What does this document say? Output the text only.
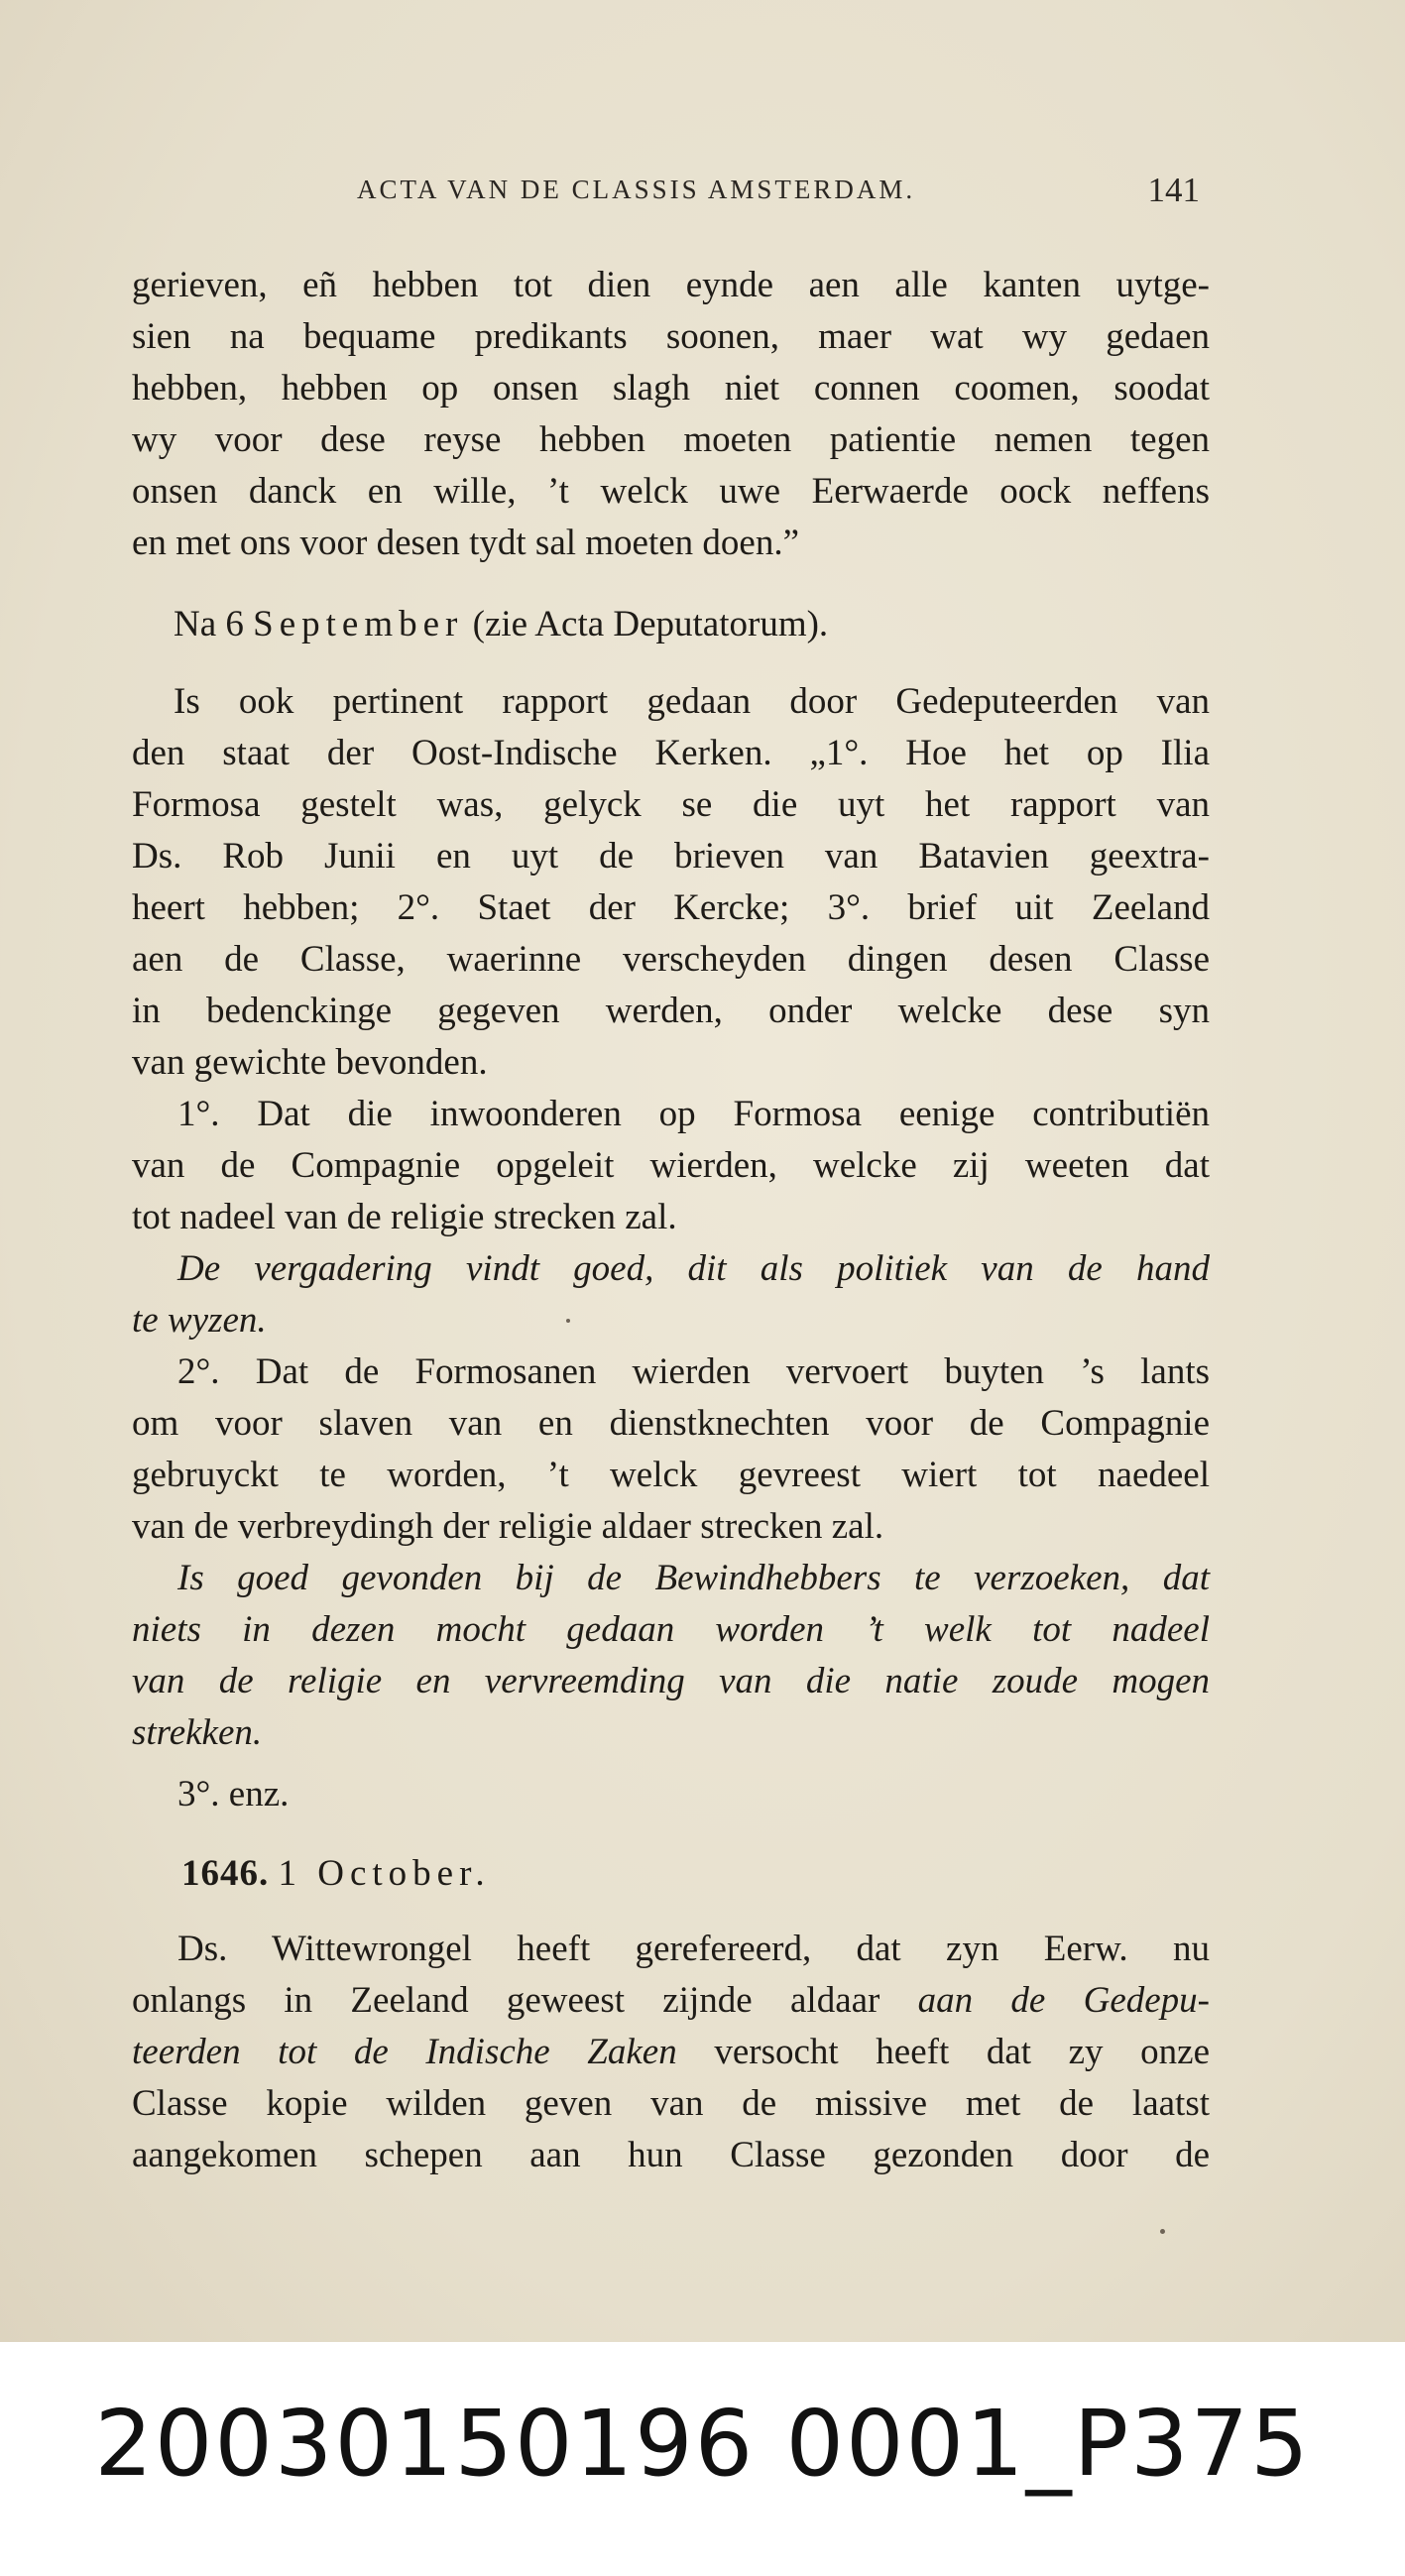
ACTA VAN DE CLASSIS AMSTERDAM.	141
gerieven, eñ hebben tot dien eynde aen alle kanten uytge-
sien na bequame predikants soonen, maer wat wy gedaen
hebben, hebben op onsen slagh niet connen coomen, soodat
wy voor dese reyse hebben moeten patientie nemen tegen
onsen danck en wille, ’t welck uwe Eerwaerde oock neffens
en met ons voor desen tydt sal moeten doen.”
Na 6 September (zie Acta Deputatorum).
Is ook pertinent rapport gedaan door Gedeputeerden van
den staat der Oost-Indische Kerken. „1°. Hoe het op Ilia
Formosa gestelt was, gelyck se die uyt het rapport van
Ds. Rob Junii en uyt de brieven van Batavien geextra-
heert hebben; 2°. Staet der Kercke; 3°. brief uit Zeeland
aen de Classe, waerinne verscheyden dingen desen Classe
in bedenckinge gegeven werden, onder welcke dese syn
van gewichte bevonden.
1°. Dat die inwoonderen op Formosa eenige contributiën
van de Compagnie opgeleit wierden, welcke zij weeten dat
tot nadeel van de religie strecken zal.
De vergadering vindt goed, dit als politiek van de hand
te wyzen.
2°. Dat de Formosanen wierden vervoert buyten ’s lants
om voor slaven van en dienstknechten voor de Compagnie
gebruyckt te worden, ’t welck gevreest wiert tot naedeel
van de verbreydingh der religie aldaer strecken zal.
Is goed gevonden bij de Bewindhebbers te verzoeken, dat
niets in dezen mocht gedaan worden ’t welk tot nadeel
van de religie en vervreemding van die natie zoude mogen
strekken.
3°. enz.
1646. 1 October.
Ds. Wittewrongel heeft gerefereerd, dat zyn Eerw. nu
onlangs in Zeeland geweest zijnde aldaar aan de Gedepu-
teerden tot de Indische Zaken versocht heeft dat zy onze
Classe kopie wilden geven van de missive met de laatst
aangekomen schepen aan hun Classe gezonden door de
20030150196 0001_P375
